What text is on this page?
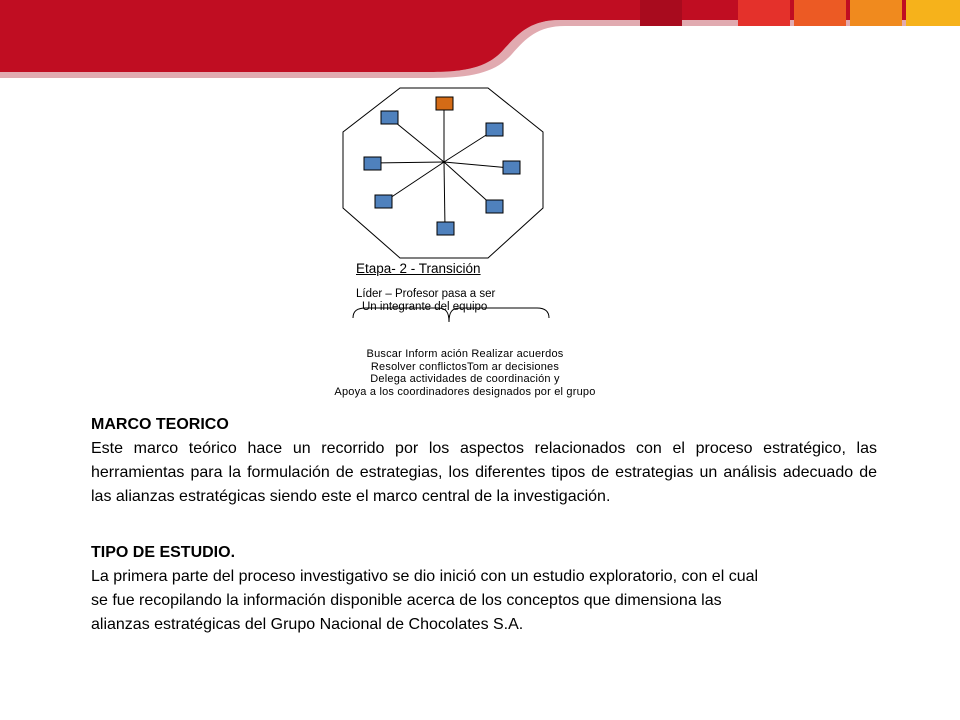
Etapa- 2 - Transición
Líder – Profesor pasa a ser
Un integrante del equipo
Buscar Inform ación Realizar acuerdos
Resolver conflictosTom ar decisiones
Delega actividades de coordinación y
Apoya a los coordinadores designados por el grupo
MARCO TEORICO
Este marco teórico hace un recorrido por los aspectos relacionados con el proceso estratégico, las herramientas para la formulación de estrategias, los diferentes tipos de estrategias un análisis adecuado de las alianzas estratégicas siendo este el marco central de la investigación.
TIPO DE ESTUDIO.
La primera parte del proceso investigativo se dio inició con un estudio exploratorio, con el cual
se fue recopilando la información disponible acerca de los conceptos que dimensiona las
alianzas estratégicas del Grupo Nacional de Chocolates S.A.
